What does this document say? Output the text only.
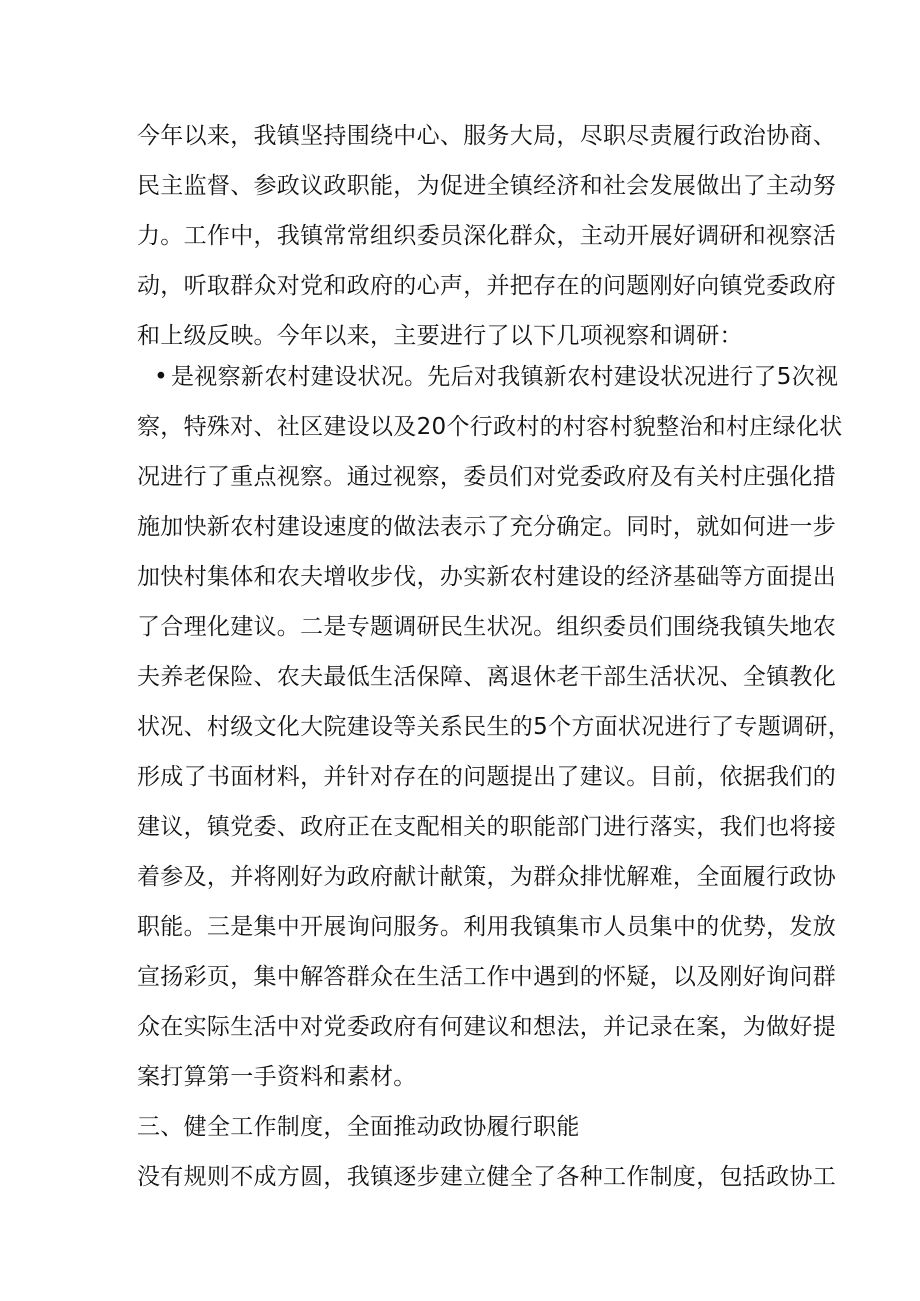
今年以来，我镇坚持围绕中心、服务大局，尽职尽责履行政治协商、
民主监督、参政议政职能，为促进全镇经济和社会发展做出了主动努
力。工作中，我镇常常组织委员深化群众，主动开展好调研和视察活
动，听取群众对党和政府的心声，并把存在的问题刚好向镇党委政府
和上级反映。今年以来，主要进行了以下几项视察和调研：
• 是视察新农村建设状况。先后对我镇新农村建设状况进行了5次视
察，特殊对、社区建设以及20个行政村的村容村貌整治和村庄绿化状
况进行了重点视察。通过视察，委员们对党委政府及有关村庄强化措
施加快新农村建设速度的做法表示了充分确定。同时，就如何进一步
加快村集体和农夫增收步伐，办实新农村建设的经济基础等方面提出
了合理化建议。二是专题调研民生状况。组织委员们围绕我镇失地农
夫养老保险、农夫最低生活保障、离退休老干部生活状况、全镇教化
状况、村级文化大院建设等关系民生的5个方面状况进行了专题调研，
形成了书面材料，并针对存在的问题提出了建议。目前，依据我们的
建议，镇党委、政府正在支配相关的职能部门进行落实，我们也将接
着参及，并将刚好为政府献计献策，为群众排忧解难，全面履行政协
职能。三是集中开展询问服务。利用我镇集市人员集中的优势，发放
宣扬彩页，集中解答群众在生活工作中遇到的怀疑，以及刚好询问群
众在实际生活中对党委政府有何建议和想法，并记录在案，为做好提
案打算第一手资料和素材。
三、健全工作制度，全面推动政协履行职能
没有规则不成方圆，我镇逐步建立健全了各种工作制度，包括政协工
